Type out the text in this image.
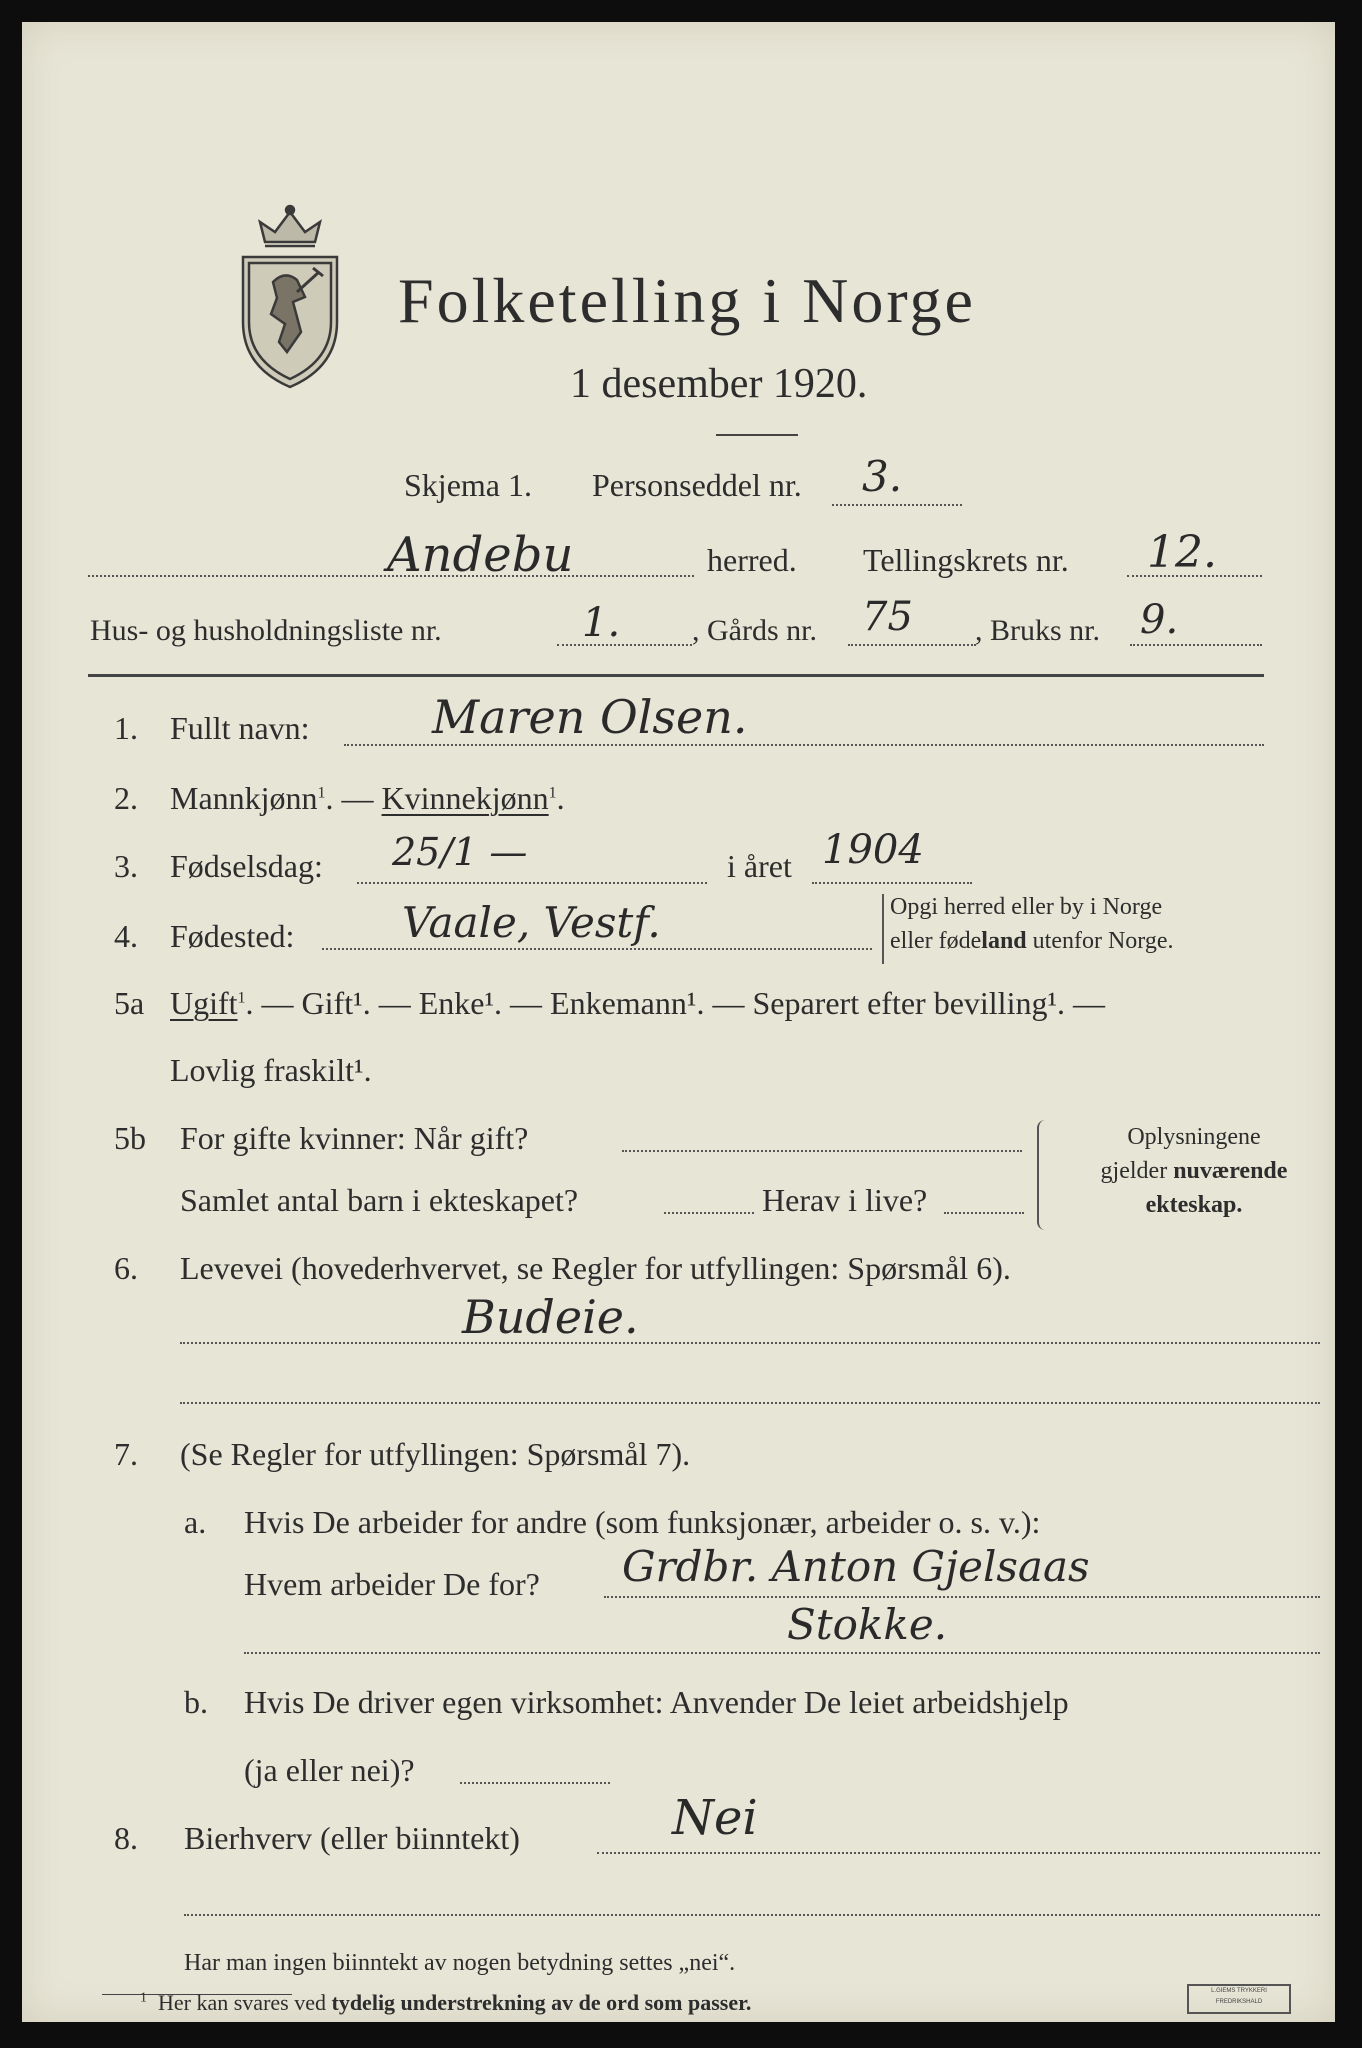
Folketelling i Norge
1 desember 1920.
Skjema 1. Personseddel nr. 3.
Andebu	herred. Tellingskrets nr. 12.
Hus- og husholdningsliste nr.	1. , Gårds nr. 75 , Bruks nr. 9.
1. Fullt navn:	Maren Olsen.
2. Mannkjønn$^1$. — Kvinnekjønn$^1$.
3. Fødselsdag: 25/1 —	i året 1904
4. Fødested:	Vaale, Vestf.	Opgi herred eller by i Norge
eller fødeland utenfor Norge.
5a Ugift$^1$. — Gift¹. — Enke¹. — Enkemann¹. — Separert efter bevilling¹. —
Lovlig fraskilt¹.
5b For gifte kvinner: Når gift?
Samlet antal barn i ekteskapet?	Herav i live?
Oplysningene
gjelder nuværende
ekteskap.
6. Levevei (hovederhvervet, se Regler for utfyllingen: Spørsmål 6).
Budeie.
7. (Se Regler for utfyllingen: Spørsmål 7).
a. Hvis De arbeider for andre (som funksjonær, arbeider o. s. v.):
Hvem arbeider De for? Grdbr. Anton Gjelsaas
Stokke.
b. Hvis De driver egen virksomhet: Anvender De leiet arbeidshjelp
(ja eller nei)?
8. Bierhverv (eller biinntekt)	Nei
Har man ingen biinntekt av nogen betydning settes „nei“.
$^1$ Her kan svares ved tydelig understrekning av de ord som passer.	L.GIEMS TRYKKERI FREDRIKSHALD
